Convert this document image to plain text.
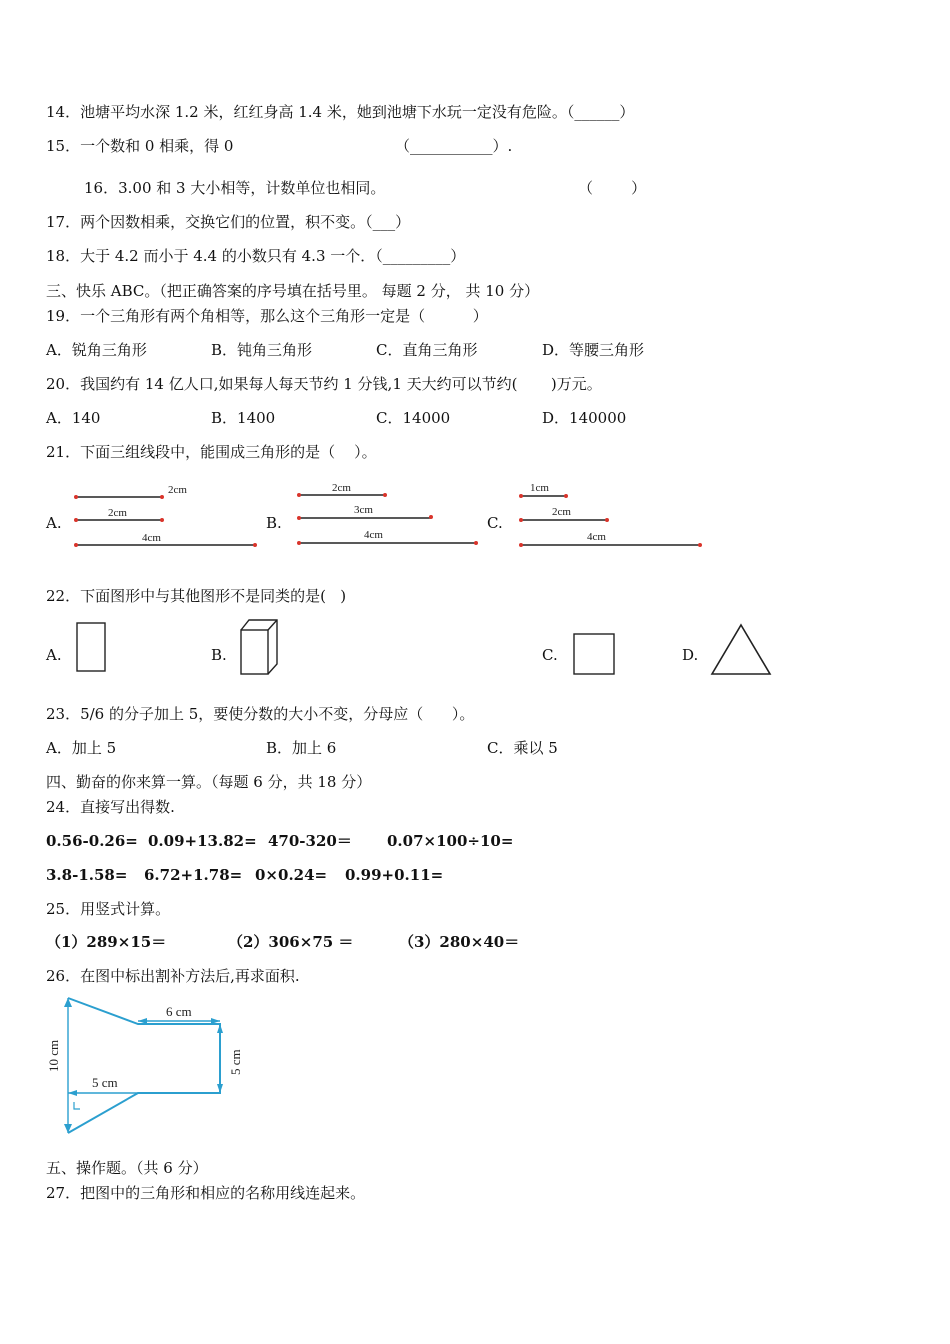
14．池塘平均水深 1.2 米，红红身高 1.4 米，她到池塘下水玩一定没有危险。（______）
15．一个数和 0 相乘，得 0	（___________）.
16．3.00 和 3 大小相等，计数单位也相同。	（        ）
17．两个因数相乘，交换它们的位置，积不变。（___）
18．大于 4.2 而小于 4.4 的小数只有 4.3 一个．（_________）
三、快乐 ABC。（把正确答案的序号填在括号里。 每题 2 分， 共 10 分）
19．一个三角形有两个角相等，那么这个三角形一定是（          ）
A．锐角三角形	B．钝角三角形	C．直角三角形	D．等腰三角形
20．我国约有 14 亿人口,如果每人每天节约 1 分钱,1 天大约可以节约(       )万元。
A．140	B．1400	C．14000	D．140000
21．下面三组线段中，能围成三角形的是（    ）。
A.	B.	C.
2cm
2cm
4cm
2cm
3cm
4cm
1cm
2cm
4cm
22．下面图形中与其他图形不是同类的是(   )
A.	B.	C.	D.
23．5/6 的分子加上 5，要使分数的大小不变，分母应（      ）。
A．加上 5	B．加上 6	C．乘以 5
四、勤奋的你来算一算。（每题 6 分，共 18 分）
24．直接写出得数.
0.56-0.26= 0.09+13.82= 470-320＝ 0.07×100÷10=
3.8-1.58= 6.72+1.78= 0×0.24= 0.99+0.11=
25．用竖式计算。
（1）289×15＝	（2）306×75 ＝	（3）280×40＝
26．在图中标出割补方法后,再求面积.
10 cm
6 cm
5 cm
5 cm
五、操作题。（共 6 分）
27．把图中的三角形和相应的名称用线连起来。
